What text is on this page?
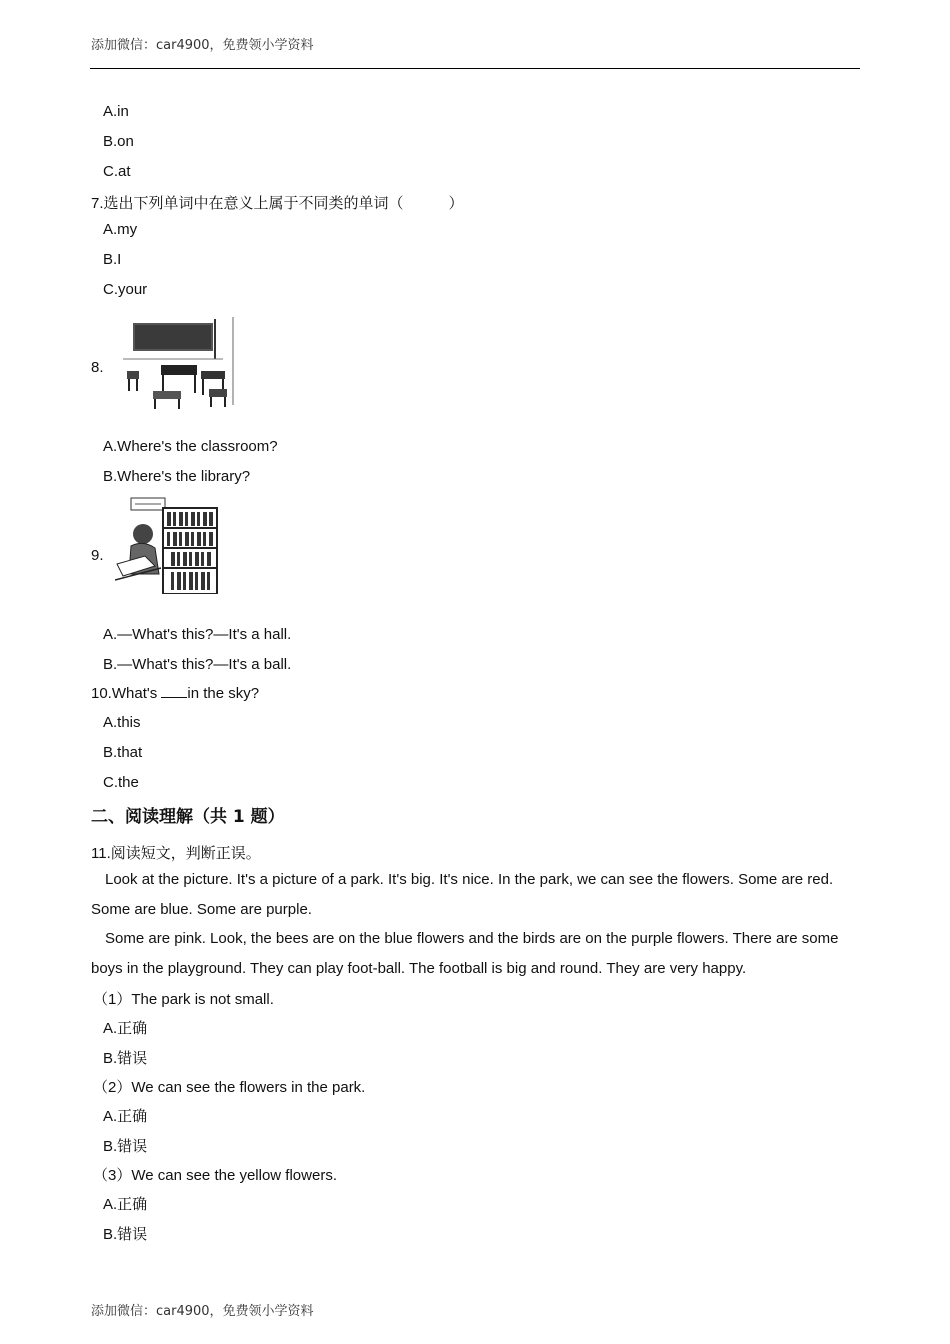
添加微信：car4900，免费领小学资料
A.in
B.on
C.at
7.选出下列单词中在意义上属于不同类的单词（　　　）
A.my
B.I
C.your
8.
A.Where's the classroom?
B.Where's the library?
9.
A.—What's this?—It's a hall.
B.—What's this?—It's a ball.
10.What's in the sky?
A.this
B.that
C.the
二、阅读理解（共 1 题）
11.阅读短文，判断正误。
Look at the picture. It's a picture of a park. It's big. It's nice. In the park, we can see the flowers. Some are red. Some are blue. Some are purple.
Some are pink. Look, the bees are on the blue flowers and the birds are on the purple flowers. There are some boys in the playground. They can play foot-ball. The football is big and round. They are very happy.
（1）The park is not small.
A.正确
B.错误
（2）We can see the flowers in the park.
A.正确
B.错误
（3）We can see the yellow flowers.
A.正确
B.错误
添加微信：car4900，免费领小学资料
